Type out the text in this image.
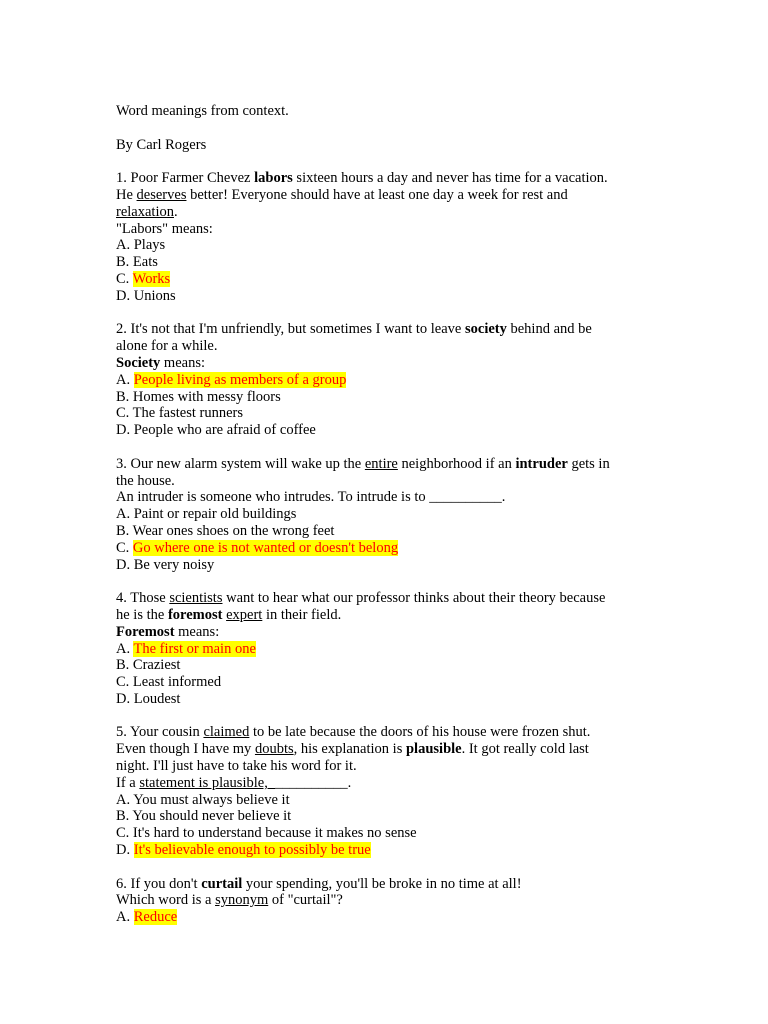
Word meanings from context.
By Carl Rogers
1. Poor Farmer Chevez labors sixteen hours a day and never has time for a vacation.
He deserves better! Everyone should have at least one day a week for rest and
relaxation.
"Labors" means:
A. Plays
B. Eats
C. Works
D. Unions
2. It's not that I'm unfriendly, but sometimes I want to leave society behind and be
alone for a while.
Society means:
A. People living as members of a group
B. Homes with messy floors
C. The fastest runners
D. People who are afraid of coffee
3. Our new alarm system will wake up the entire neighborhood if an intruder gets in
the house.
An intruder is someone who intrudes. To intrude is to __________.
A. Paint or repair old buildings
B. Wear ones shoes on the wrong feet
C. Go where one is not wanted or doesn't belong
D. Be very noisy
4. Those scientists want to hear what our professor thinks about their theory because
he is the foremost expert in their field.
Foremost means:
A. The first or main one
B. Craziest
C. Least informed
D. Loudest
5. Your cousin claimed to be late because the doors of his house were frozen shut.
Even though I have my doubts, his explanation is plausible. It got really cold last
night. I'll just have to take his word for it.
If a statement is plausible,  __________.
A. You must always believe it
B. You should never believe it
C. It's hard to understand because it makes no sense
D. It's believable enough to possibly be true
6. If you don't curtail your spending, you'll be broke in no time at all!
Which word is a synonym of "curtail"?
A. Reduce
